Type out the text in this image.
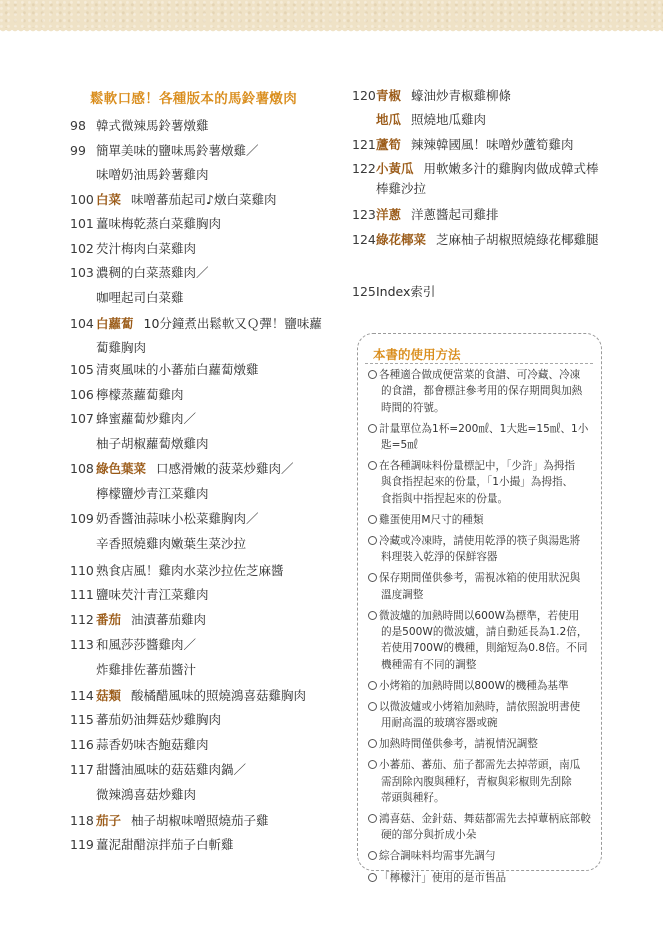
鬆軟口感！各種版本的馬鈴薯燉肉
98 韓式微辣馬鈴薯燉雞
99 簡單美味的鹽味馬鈴薯燉雞／
味噌奶油馬鈴薯雞肉
100 白菜 味噌蕃茄起司♪燉白菜雞肉
101 薑味梅乾蒸白菜雞胸肉
102 芡汁梅肉白菜雞肉
103 濃稠的白菜蒸雞肉／
咖哩起司白菜雞
104 白蘿蔔 10分鐘煮出鬆軟又Ｑ彈！鹽味蘿
蔔雞胸肉
105 清爽風味的小蕃茄白蘿蔔燉雞
106 檸檬蒸蘿蔔雞肉
107 蜂蜜蘿蔔炒雞肉／
柚子胡椒蘿蔔燉雞肉
108 綠色葉菜 口感滑嫩的菠菜炒雞肉／
檸檬鹽炒青江菜雞肉
109 奶香醬油蒜味小松菜雞胸肉／
辛香照燒雞肉嫩葉生菜沙拉
110 熟食店風！雞肉水菜沙拉佐芝麻醬
111 鹽味芡汁青江菜雞肉
112 番茄 油漬蕃茄雞肉
113 和風莎莎醬雞肉／
炸雞排佐蕃茄醬汁
114 菇類 酸橘醋風味的照燒鴻喜菇雞胸肉
115 蕃茄奶油舞菇炒雞胸肉
116 蒜香奶味杏鮑菇雞肉
117 甜醬油風味的菇菇雞肉鍋／
微辣鴻喜菇炒雞肉
118 茄子 柚子胡椒味噌照燒茄子雞
119 薑泥甜醋涼拌茄子白斬雞
120青椒 蠔油炒青椒雞柳條
地瓜 照燒地瓜雞肉
121蘆筍 辣辣韓國風！味噌炒蘆筍雞肉
122小黃瓜 用軟嫩多汁的雞胸肉做成韓式棒
棒雞沙拉
123洋蔥 洋蔥醬起司雞排
124綠花椰菜 芝麻柚子胡椒照燒綠花椰雞腿
125Index索引
本書的使用方法
各種適合做成便當菜的食譜、可冷藏、冷凍
的食譜，都會標註參考用的保存期間與加熱
時間的符號。
計量單位為1杯=200㎖、1大匙=15㎖、1小
匙=5㎖
在各種調味料份量標記中，「少許」為拇指
與食指捏起來的份量，「1小撮」為拇指、
食指與中指捏起來的份量。
雞蛋使用M尺寸的種類
冷藏或冷凍時，請使用乾淨的筷子與湯匙將
料理裝入乾淨的保鮮容器
保存期間僅供參考，需視冰箱的使用狀況與
溫度調整
微波爐的加熱時間以600W為標準，若使用
的是500W的微波爐，請自動延長為1.2倍，
若使用700W的機種，則縮短為0.8倍。不同
機種需有不同的調整
小烤箱的加熱時間以800W的機種為基準
以微波爐或小烤箱加熱時，請依照說明書使
用耐高溫的玻璃容器或碗
加熱時間僅供參考，請視情況調整
小蕃茄、蕃茄、茄子都需先去掉蒂頭，南瓜
需刮除內腹與種籽，青椒與彩椒則先刮除
蒂頭與種籽。
鴻喜菇、金針菇、舞菇都需先去掉蕈柄底部較
硬的部分與折成小朵
綜合調味料均需事先調勻
「檸檬汁」使用的是市售品
